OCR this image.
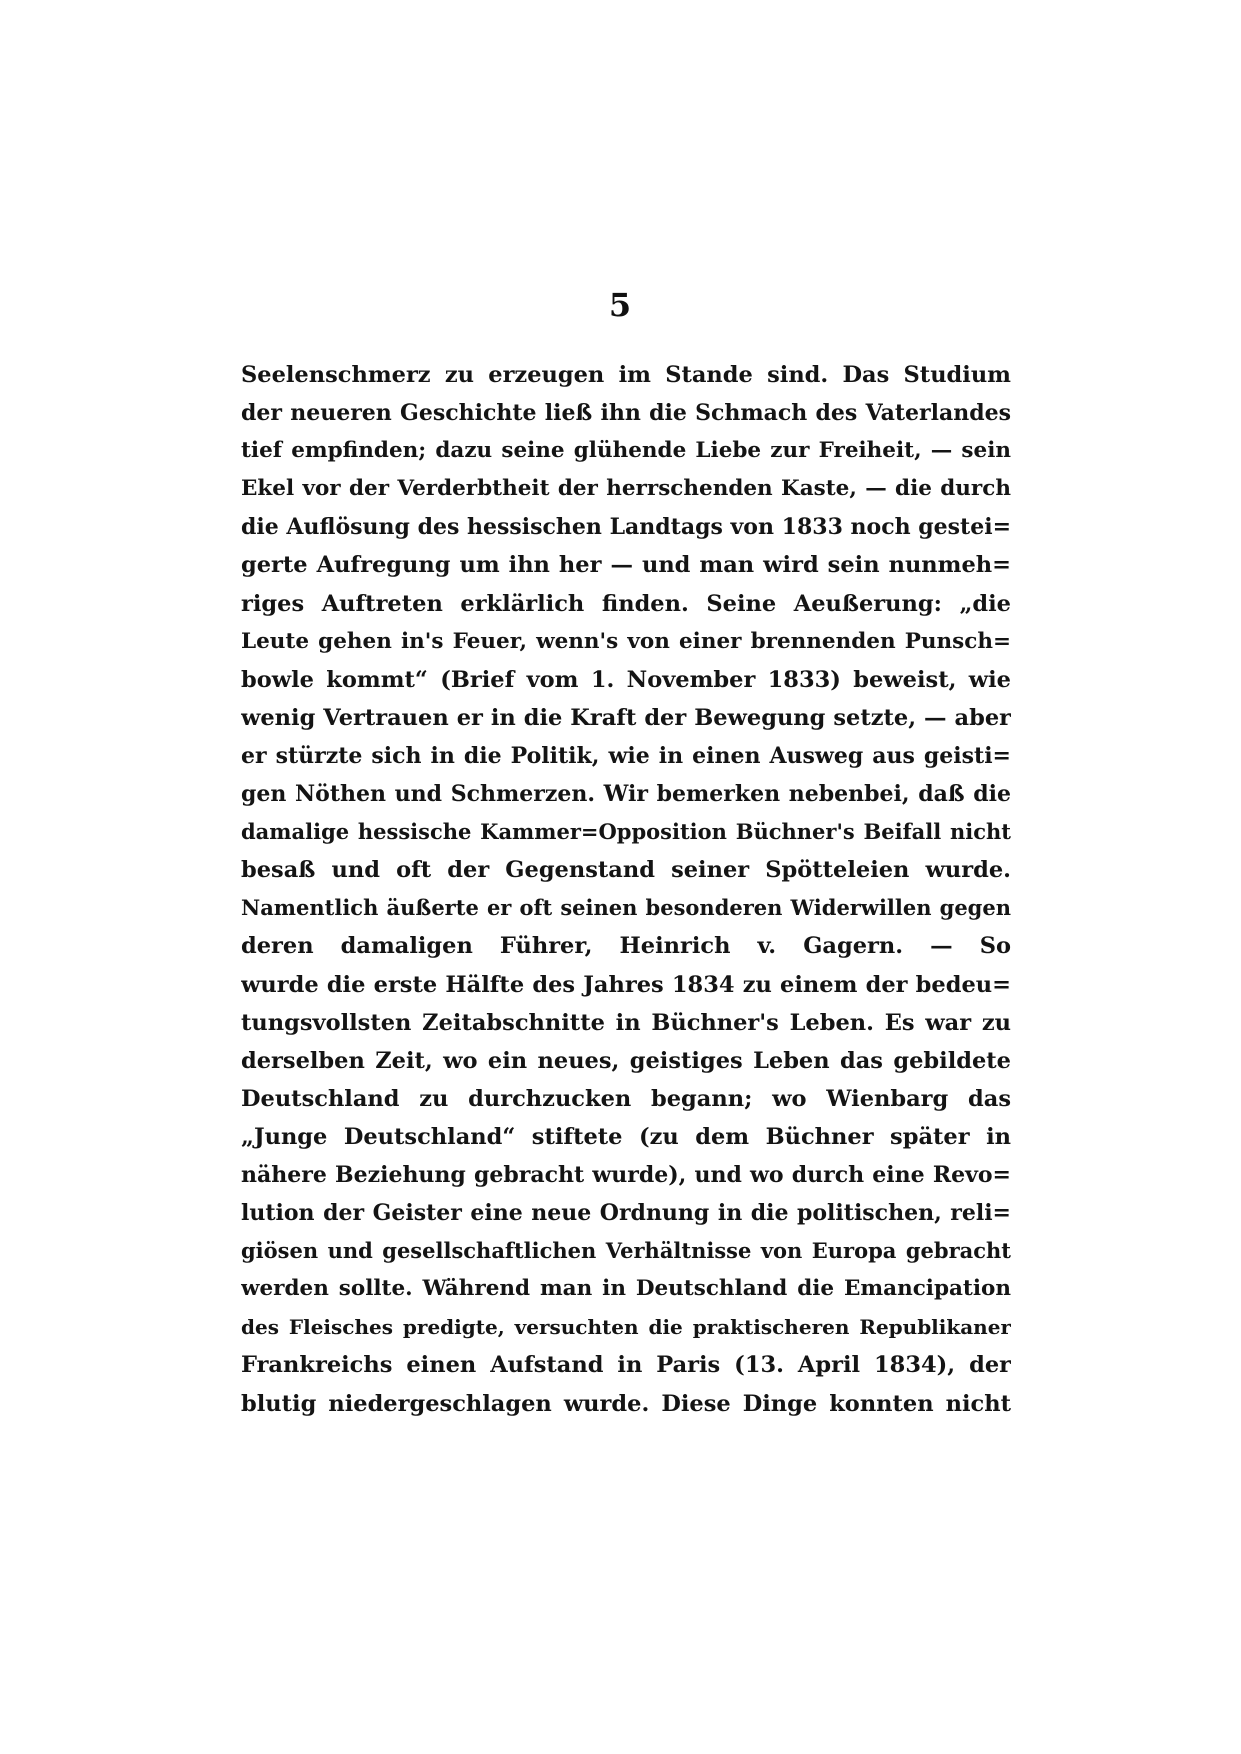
5
Seelenschmerz zu erzeugen im Stande sind. Das Studium
der neueren Geschichte ließ ihn die Schmach des Vaterlandes
tief empfinden; dazu seine glühende Liebe zur Freiheit, — sein
Ekel vor der Verderbtheit der herrschenden Kaste, — die durch
die Auflösung des hessischen Landtags von 1833 noch gestei=
gerte Aufregung um ihn her — und man wird sein nunmeh=
riges Auftreten erklärlich finden. Seine Aeußerung: „die
Leute gehen in's Feuer, wenn's von einer brennenden Punsch=
bowle kommt“ (Brief vom 1. November 1833) beweist, wie
wenig Vertrauen er in die Kraft der Bewegung setzte, — aber
er stürzte sich in die Politik, wie in einen Ausweg aus geisti=
gen Nöthen und Schmerzen. Wir bemerken nebenbei, daß die
damalige hessische Kammer=Opposition Büchner's Beifall nicht
besaß und oft der Gegenstand seiner Spötteleien wurde.
Namentlich äußerte er oft seinen besonderen Widerwillen gegen
deren damaligen Führer, Heinrich v. Gagern. — So
wurde die erste Hälfte des Jahres 1834 zu einem der bedeu=
tungsvollsten Zeitabschnitte in Büchner's Leben. Es war zu
derselben Zeit, wo ein neues, geistiges Leben das gebildete
Deutschland zu durchzucken begann; wo Wienbarg das
„Junge Deutschland“ stiftete (zu dem Büchner später in
nähere Beziehung gebracht wurde), und wo durch eine Revo=
lution der Geister eine neue Ordnung in die politischen, reli=
giösen und gesellschaftlichen Verhältnisse von Europa gebracht
werden sollte. Während man in Deutschland die Emancipation
des Fleisches predigte, versuchten die praktischeren Republikaner
Frankreichs einen Aufstand in Paris (13. April 1834), der
blutig niedergeschlagen wurde. Diese Dinge konnten nicht
